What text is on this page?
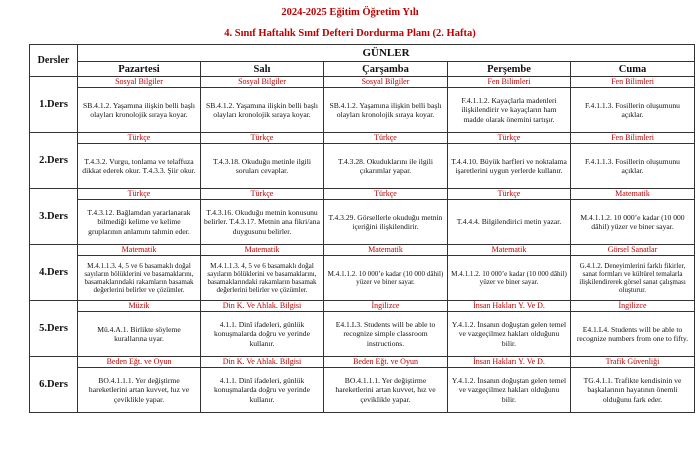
2024-2025 Eğitim Öğretim Yılı
4. Sınıf Haftalık Sınıf Defteri Dordurma Planı (2. Hafta)
Dersler	GÜNLER				
	Pazartesi	Salı	Çarşamba	Perşembe	Cuma
1.Ders	Sosyal Bilgiler	Sosyal Bilgiler	Sosyal Bilgiler	Fen Bilimleri	Fen Bilimleri
	SB.4.1.2. Yaşamına ilişkin belli başlı olayları kronolojik sıraya koyar.	SB.4.1.2. Yaşamına ilişkin belli başlı olayları kronolojik sıraya koyar.	SB.4.1.2. Yaşamına ilişkin belli başlı olayları kronolojik sıraya koyar.	F.4.1.1.2. Kayaçlarla madenleri ilişkilendirir ve kayaçların ham madde olarak önemini tartışır.	F.4.1.1.3. Fosillerin oluşumunu açıklar.
2.Ders	Türkçe	Türkçe	Türkçe	Türkçe	Fen Bilimleri
	T.4.3.2. Vurgu, tonlama ve telaffuza dikkat ederek okur. T.4.3.3. Şiir okur.	T.4.3.18. Okuduğu metinle ilgili soruları cevaplar.	T.4.3.28. Okuduklarını ile ilgili çıkarımlar yapar.	T.4.4.10. Büyük harfleri ve noktalama işaretlerini uygun yerlerde kullanır.	F.4.1.1.3. Fosillerin oluşumunu açıklar.
3.Ders	Türkçe	Türkçe	Türkçe	Türkçe	Matematik
	T.4.3.12. Bağlamdan yararlanarak bilmediği kelime ve kelime gruplarının anlamını tahmin eder.	T.4.3.16. Okuduğu metnin konusunu belirler. T.4.3.17. Metnin ana fikri/ana duygusunu belirler.	T.4.3.29. Görsellerle okuduğu metnin içeriğini ilişkilendirir.	T.4.4.4. Bilgilendirici metin yazar.	M.4.1.1.2. 10 000’e kadar (10 000 dâhil) yüzer ve biner sayar.
4.Ders	Matematik	Matematik	Matematik	Matematik	Görsel Sanatlar
	M.4.1.1.3. 4, 5 ve 6 basamaklı doğal sayıların bölüklerini ve basamaklarını, basamaklarındaki rakamların basamak değerlerini belirler ve çözümler.	M.4.1.1.3. 4, 5 ve 6 basamaklı doğal sayıların bölüklerini ve basamaklarını, basamaklarındaki rakamların basamak değerlerini belirler ve çözümler.	M.4.1.1.2. 10 000’e kadar (10 000 dâhil) yüzer ve biner sayar.	M.4.1.1.2. 10 000’e kadar (10 000 dâhil) yüzer ve biner sayar.	G.4.1.2. Deneyimlerini farklı fikirler, sanat formları ve kültürel temalarla ilişkilendirerek görsel sanat çalışması oluşturur.
5.Ders	Müzik	Din K. Ve Ahlak. Bilgisi	İngilizce	İnsan Hakları Y. Ve D.	İngilizce
	Mü.4.A.1. Birlikte söyleme kurallarına uyar.	4.1.1. Dinî ifadeleri, günlük konuşmalarda doğru ve yerinde kullanır.	E4.1.L3. Students will be able to recognize simple classroom instructions.	Y.4.1.2. İnsanın doğuştan gelen temel ve vazgeçilmez hakları olduğunu bilir.	E4.1.L4. Students will be able to recognize numbers from one to fifty.
6.Ders	Beden Eğt. ve Oyun	Din K. Ve Ahlak. Bilgisi	Beden Eğt. ve Oyun	İnsan Hakları Y. Ve D.	Trafik Güvenliği
	BO.4.1.1.1. Yer değiştirme hareketlerini artan kuvvet, hız ve çeviklikle yapar.	4.1.1. Dinî ifadeleri, günlük konuşmalarda doğru ve yerinde kullanır.	BO.4.1.1.1. Yer değiştirme hareketlerini artan kuvvet, hız ve çeviklikle yapar.	Y.4.1.2. İnsanın doğuştan gelen temel ve vazgeçilmez hakları olduğunu bilir.	TG.4.1.1. Trafikte kendisinin ve başkalarının hayatının önemli olduğunu fark eder.
